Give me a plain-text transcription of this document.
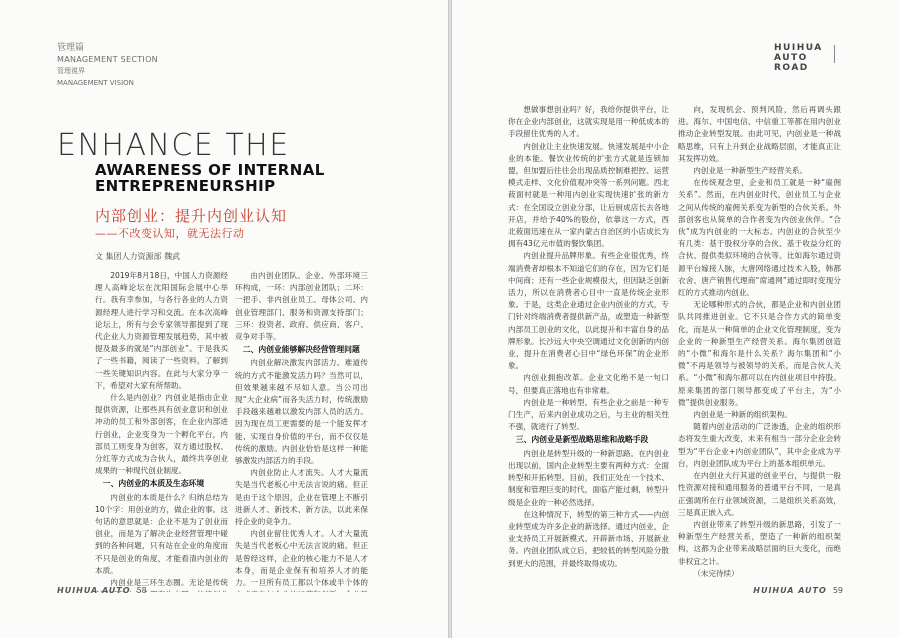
管理篇
MANAGEMENT SECTION
管理視界
MANAGEMENT VISION
ENHANCE THE
AWARENESS OF INTERNAL
ENTREPRENEURSHIP
内部创业：提升内创业认知
——不改变认知，就无法行动
文 集团人力资源部 魏武

2019年8月18日，中国人力资源经理人高峰论坛在沈阳国际会展中心举行。我有幸参加，与各行各业的人力资源经理人进行学习和交流。在本次高峰论坛上，所有与会专家领导都提到了现代企业人力资源管理发展趋势，其中被提及最多的就是“内部创业”。于是我买了一些书籍，阅读了一些资料，了解到一些关键知识内容。在此与大家分享一下，希望对大家有所帮助。

什么是内创业？内创业是指由企业提供资源，让那些具有创业意识和创业冲动的员工和外部创客，在企业内部进行创业，企业变身为一个孵化平台，内部员工则变身为创客，双方通过股权、分红等方式成为合伙人，最终共享创业成果的一种现代创业制度。

一、内创业的本质及生态环境

内创业的本质是什么？归纳总结为10个字：用创业的方，做企业的事。这句话的意思就是：企业不是为了创业而创业，而是为了解决企业经营管理中碰到的各种问题，只有站在企业的角度而不只是创业的角度，才能看清内创业的本质。

内创业是三环生态圈。无论是传统

由内创业团队、企业、外部环境三环构成，一环：内部创业团队；二环：一把手、非内创业员工、母体公司、内创业管理部门、服务和资源支持部门；三环：投资者、政府、供应商、客户、竞争对手等。

二、内创业能够解决经营管理问题

内创业解决激发内部活力。难道传统的方式不能激发活力吗？当然可以，但效果越来越不尽如人意。当公司出现“大企业病”而各失活力时，传统激励手段越来越难以激发内部人员的活力。因为现在员工更需要的是一个能发挥才能、实现自身价值的平台，而不仅仅是传统的激励。内创业恰恰是这样一种能够激发内部活力的手段。

内创业防止人才流失。人才大量流失是当代老板心中无法言说的痛。但正是由于这个原因，企业在管理上不断引进新人才、新技术、新方法，以此来保持企业的竞争力。

内创业留住优秀人才。人才大量流失是当代老板心中无法言说的痛。但正是曾经这样，企业的核心能力不是人才本身，而是企业保有和培养人才的能力。一旦所有员工都以个体或半个体的

HUIHUA AUTO 58

想做事想创业吗？好，我给你提供平台，让你在企业内部创业，这就实现是用一种低成本的手段留住优秀的人才。

内创业让主业快速发展。快速发展是中小企业的本能。餐饮业传统的扩张方式就是连锁加盟，但加盟后往往会出现品质控制难把控、运营模式走样、文化价值观冲突等一系列问题。西北莜面村就是一种用内创业实现快速扩张的新方式：在全国设立创业分部，让后厨成店长去各地开店，并给予40%的股份，依靠这一方式，西北莜面迅速在从一家内蒙古自治区的小店成长为拥有43亿元市值的餐饮集团。

内创业提升品牌形象。有些企业很优秀，终端消费者却根本不知道它们的存在，因为它们是中间商；还有一些企业规模很大，但因缺乏创新活力，所以在消费者心目中一直是传统企业形象。于是，这类企业通过企业内创业的方式，专门针对终端消费者提供新产品，或塑造一种新型内部员工创业的文化，以此提升和丰富自身的品牌形象。长沙远大中央空调通过文化创新的内创业，提升在消费者心目中“绿色环保”的企业形象。

内创业拥抱改革。企业文化绝不是一句口号，但要真正落地也有非常难。

内创业是一种转型。有些企业之前是一种专门生产，后来内创业成功之后，与主业的相关性不强，就进行了转型。

三、内创业是新型战略思维和战略手段

内创业是转型升级的一种新思路。在内创业出现以前，国内企业转型主要有两种方式：全面转型和开拓转型。目前，我们正处在一个技术、制度和管理巨变的时代，面临产能过剩，转型升级是企业的一种必然选择。

在这种情况下，转型的第三种方式——内创业转型成为许多企业的新选择。通过内创业，企业支持员工开展新模式、开辟新市场、开展新业务。内创业团队成立后，把较低的转型风险分散到更大的范围，并最终取得成功。

向，发现机会、预判风险，然后再调头跟进。海尔、中国电信、中信重工等都在用内创业推动企业转型发展。由此可见，内创业是一种战略思维，只有上升到企业战略层面，才能真正让其发挥功效。

内创业是一种新型生产经营关系。

在传统观念里，企业和员工就是一种“雇佣关系”。然而，在内创业时代，创业员工与企业之间从传统的雇佣关系变为新型的合伙关系。外部创客也从简单的合作者变为内创业伙伴。“合伙”成为内创业的一大标志。内创业的合伙至少有几类：基于股权分享的合伙、基于收益分红的合伙、提供类似环境的合伙等。比如海尔通过资源平台嫁接人脉，大唐网络通过技术入股，韩都衣舍、唐产销售代理商“席通网”通过即时变现分红的方式推动内创业。

无论哪种形式的合伙，都是企业和内创业团队共同推进创业。它不只是合作方式的简单变化，而是从一种简单的企业文化管理制度，变为企业的一种新型生产经营关系。海尔集团创造的“小微”和海尔是什么关系？海尔集团和“小微”不再是领导与被领导的关系，而是合伙人关系。“小微”和海尔都可以在内创业项目中持股。原来集团的部门领导都变成了平台主，为“小微”提供创业服务。

内创业是一种新的组织架构。

随着内创业活动的广泛渗透，企业的组织形态将发生重大改变，未来有相当一部分企业会转型为“平台企业+内创业团队”，其中企业成为平台，内创业团队成为平台上的基本组织单元。

在内创业大行其道的创业平台，与提供一般性资源对接和通用服务的普通平台不同，一是真正强调所在行业领域资源，二是组织关系高效，三是真正嵌入式。

内创业带来了转型升级的新思路，引发了一种新型生产经营关系，塑造了一种新的组织架构，这都为企业带来战略层面的巨大变化，而绝非权宜之计。

（未完待续）

HUIHUA AUTO
ROAD
HUIHUA AUTO 59
